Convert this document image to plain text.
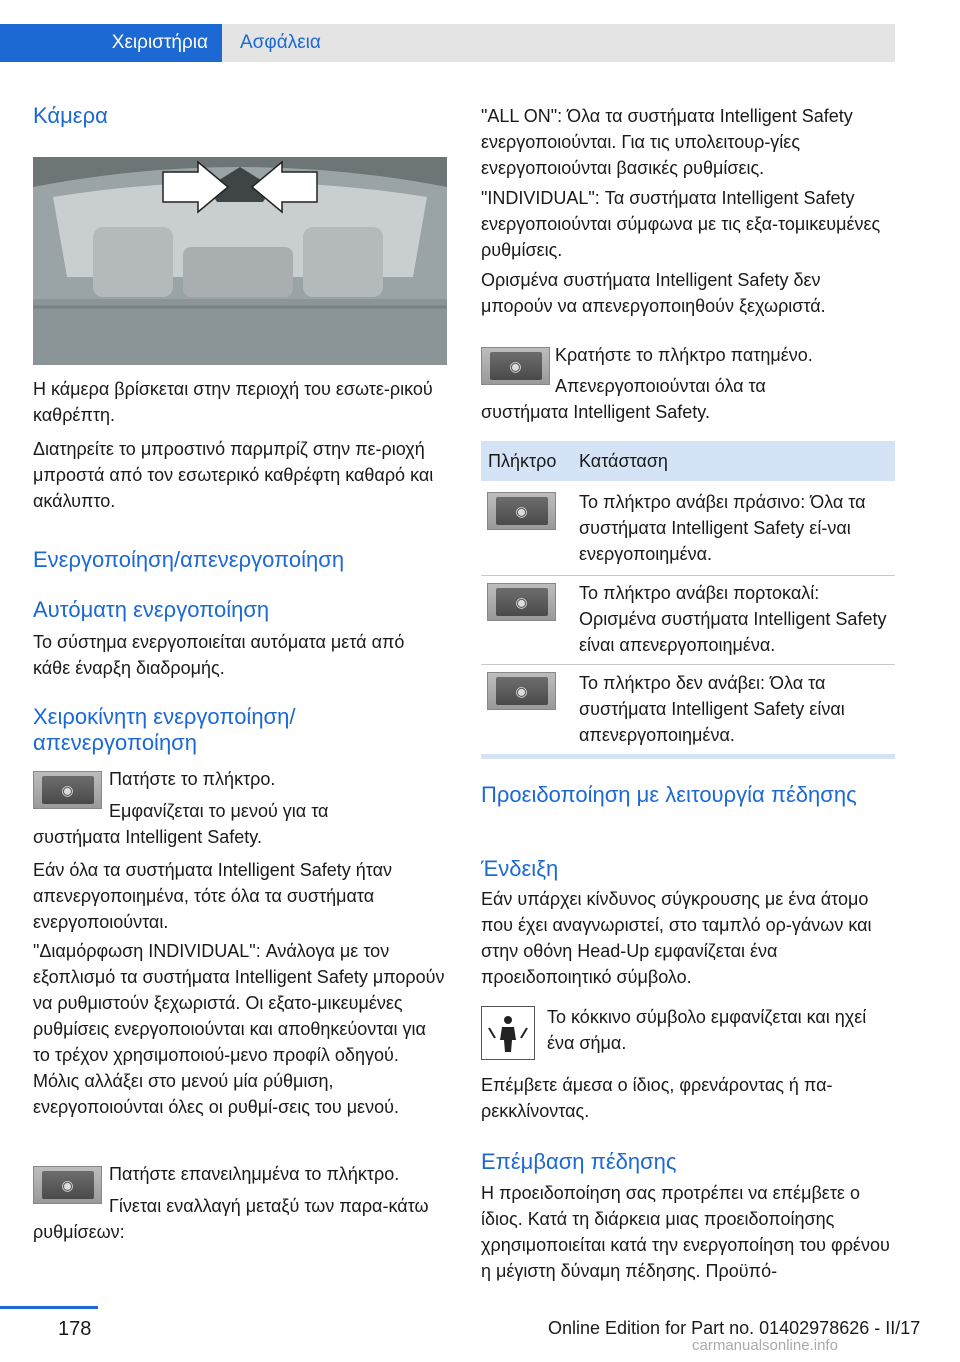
Χειριστήρια	Ασφάλεια
Κάμερα

Η κάμερα βρίσκεται στην περιοχή του εσωτε-ρικού καθρέπτη.

Διατηρείτε το μπροστινό παρμπρίζ στην πε-ριοχή μπροστά από τον εσωτερικό καθρέφτη καθαρό και ακάλυπτο.

Ενεργοποίηση/απενεργοποίηση
Αυτόματη ενεργοποίηση

Το σύστημα ενεργοποιείται αυτόματα μετά από κάθε έναρξη διαδρομής.

Χειροκίνητη ενεργοποίηση/ απενεργοποίηση
◉

Πατήστε το πλήκτρο.

Εμφανίζεται το μενού για τα συστήματα Intelligent Safety.

Εάν όλα τα συστήματα Intelligent Safety ήταν απενεργοποιημένα, τότε όλα τα συστήματα ενεργοποιούνται.

"Διαμόρφωση INDIVIDUAL": Ανάλογα με τον εξοπλισμό τα συστήματα Intelligent Safety μπορούν να ρυθμιστούν ξεχωριστά. Οι εξατο-μικευμένες ρυθμίσεις ενεργοποιούνται και αποθηκεύονται για το τρέχον χρησιμοποιού-μενο προφίλ οδηγού. Μόλις αλλάξει στο μενού μία ρύθμιση, ενεργοποιούνται όλες οι ρυθμί-σεις του μενού.

◉

Πατήστε επανειλημμένα το πλήκτρο.

Γίνεται εναλλαγή μεταξύ των παρα-κάτω ρυθμίσεων:

"ALL ON": Όλα τα συστήματα Intelligent Safety ενεργοποιούνται. Για τις υπολειτουρ-γίες ενεργοποιούνται βασικές ρυθμίσεις.

"INDIVIDUAL": Τα συστήματα Intelligent Safety ενεργοποιούνται σύμφωνα με τις εξα-τομικευμένες ρυθμίσεις.

Ορισμένα συστήματα Intelligent Safety δεν μπορούν να απενεργοποιηθούν ξεχωριστά.

◉

Κρατήστε το πλήκτρο πατημένο.

Απενεργοποιούνται όλα τα συστήματα Intelligent Safety.

Πλήκτρο Κατάσταση
◉	Το πλήκτρο ανάβει πράσινο: Όλα τα συστήματα Intelligent Safety εί-ναι ενεργοποιημένα.

◉	Το πλήκτρο ανάβει πορτοκαλί: Ορισμένα συστήματα Intelligent Safety είναι απενεργοποιημένα.

◉	Το πλήκτρο δεν ανάβει: Όλα τα συστήματα Intelligent Safety είναι απενεργοποιημένα.

Προειδοποίηση με λειτουργία πέδησης
Ένδειξη

Εάν υπάρχει κίνδυνος σύγκρουσης με ένα άτομο που έχει αναγνωριστεί, στο ταμπλό ορ-γάνων και στην οθόνη Head-Up εμφανίζεται ένα προειδοποιητικό σύμβολο.

Το κόκκινο σύμβολο εμφανίζεται και ηχεί ένα σήμα.

Επέμβετε άμεσα ο ίδιος, φρενάροντας ή πα-ρεκκλίνοντας.

Επέμβαση πέδησης

Η προειδοποίηση σας προτρέπει να επέμβετε ο ίδιος. Κατά τη διάρκεια μιας προειδοποίησης χρησιμοποιείται κατά την ενεργοποίηση του φρένου η μέγιστη δύναμη πέδησης. Προϋπό-

178	Online Edition for Part no. 01402978626 - II/17
carmanualsonline.info
